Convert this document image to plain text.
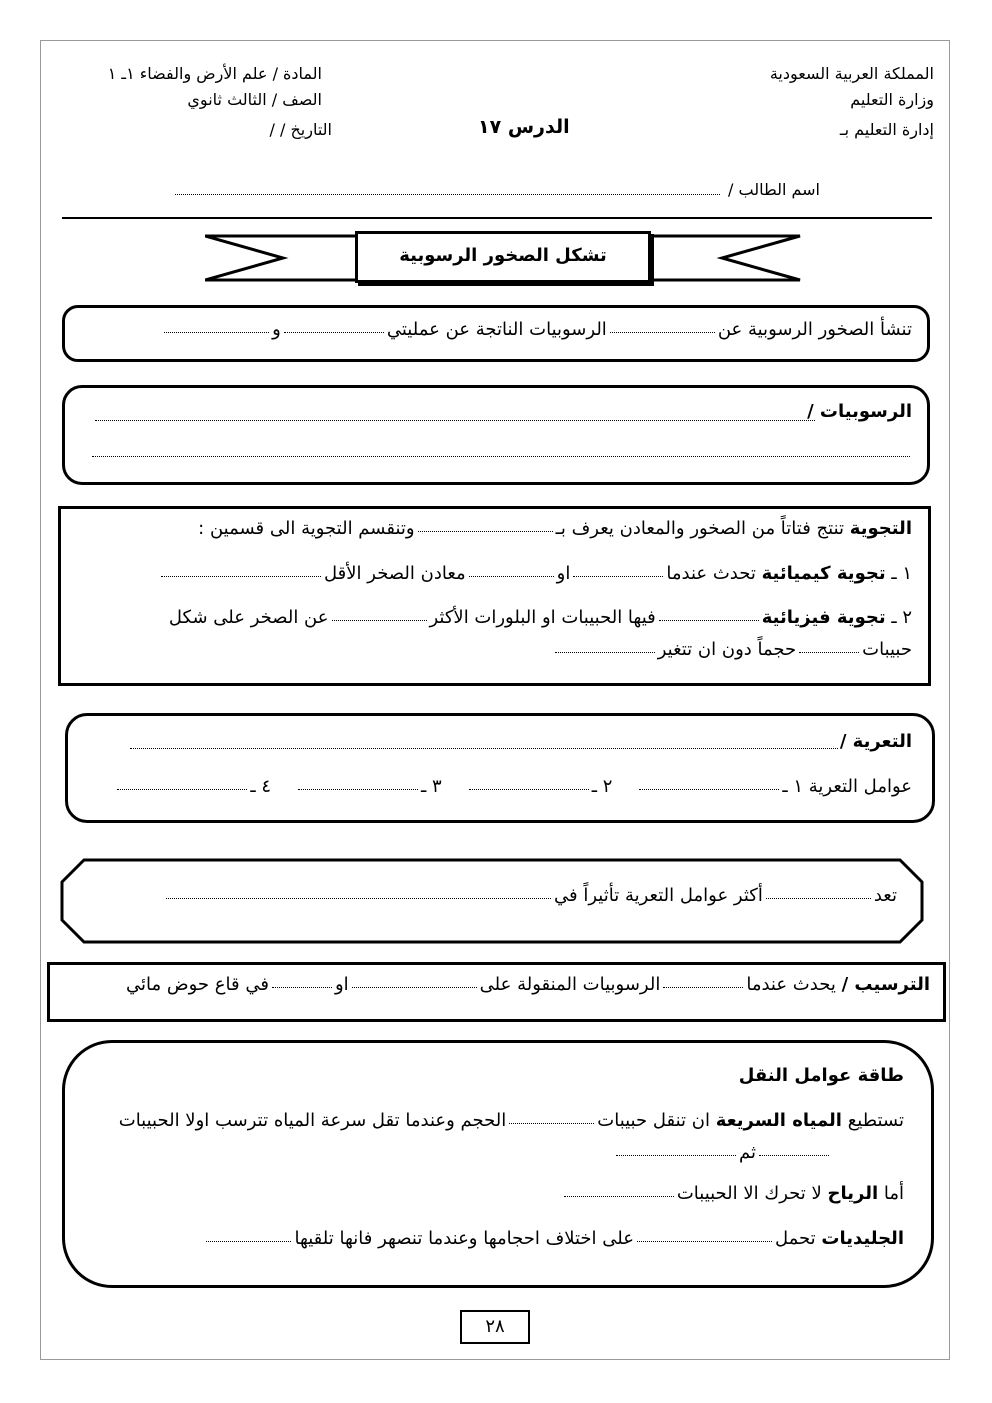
المملكة العربية السعودية
وزارة التعليم
إدارة التعليم بـ
المادة / علم الأرض والفضاء ١ـ ١
الصف / الثالث ثانوي
التاريخ / /	الدرس ١٧
اسم الطالب /
تشكل الصخور الرسوبية
تنشأ الصخور الرسوبية عنالرسوبيات الناتجة عن عمليتيو
الرسوبيات /
التجوية تنتج فتاتاً من الصخور والمعادن يعرف بـوتنقسم التجوية الى قسمين :
١ ـ تجوية كيميائية تحدث عندمااومعادن الصخر الأقل
٢ ـ تجوية فيزيائيةفيها الحبيبات او البلورات الأكثرعن الصخر على شكل
حبيباتحجماً دون ان تتغير
التعرية /
عوامل التعرية ١ ـ٢ ـ٣ ـ٤ ـ
تعدأكثر عوامل التعرية تأثيراً في
الترسيب / يحدث عندماالرسوبيات المنقولة علىاوفي قاع حوض مائي
طاقة عوامل النقل
تستطيع المياه السريعة ان تنقل حبيباتالحجم وعندما تقل سرعة المياه تترسب اولا الحبيبات
ثم
أما الرياح لا تحرك الا الحبيبات
الجليديات تحملعلى اختلاف احجامها وعندما تنصهر فانها تلقيها
٢٨
